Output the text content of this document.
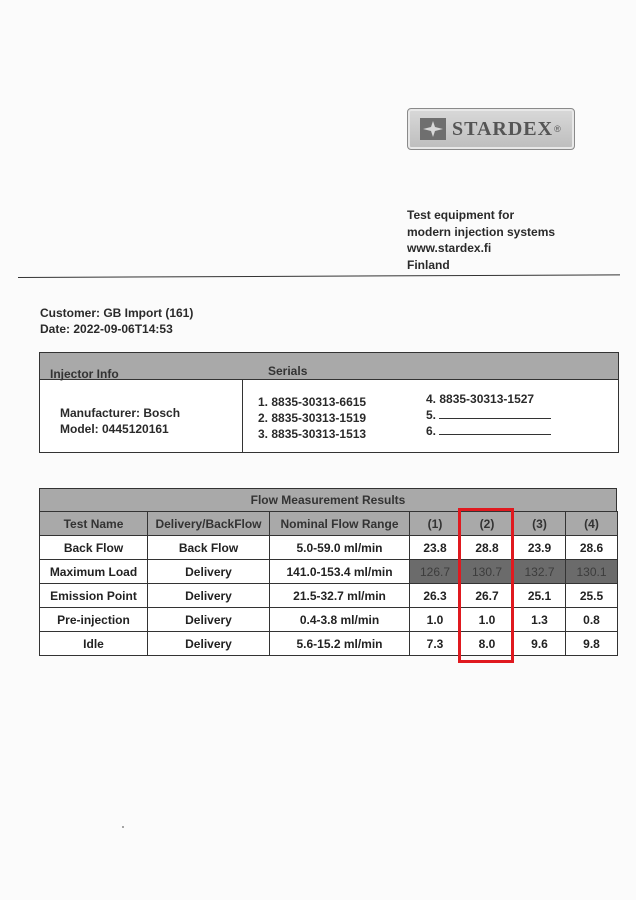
STARDEX ®
Test equipment for
modern injection systems
www.stardex.fi
Finland
Customer: GB Import (161)
Date: 2022-09-06T14:53
Injector Info	Serials
Manufacturer: Bosch
Model: 0445120161
1. 8835-30313-6615
2. 8835-30313-1519
3. 8835-30313-1513
4. 8835-30313-1527
5.
6.
Flow Measurement Results
Test Name	Delivery/BackFlow	Nominal Flow Range	(1)	(2)	(3)	(4)
Back Flow	Back Flow	5.0-59.0 ml/min	23.8	28.8	23.9	28.6
Maximum Load	Delivery	141.0-153.4 ml/min	126.7	130.7	132.7	130.1
Emission Point	Delivery	21.5-32.7 ml/min	26.3	26.7	25.1	25.5
Pre-injection	Delivery	0.4-3.8 ml/min	1.0	1.0	1.3	0.8
Idle	Delivery	5.6-15.2 ml/min	7.3	8.0	9.6	9.8
